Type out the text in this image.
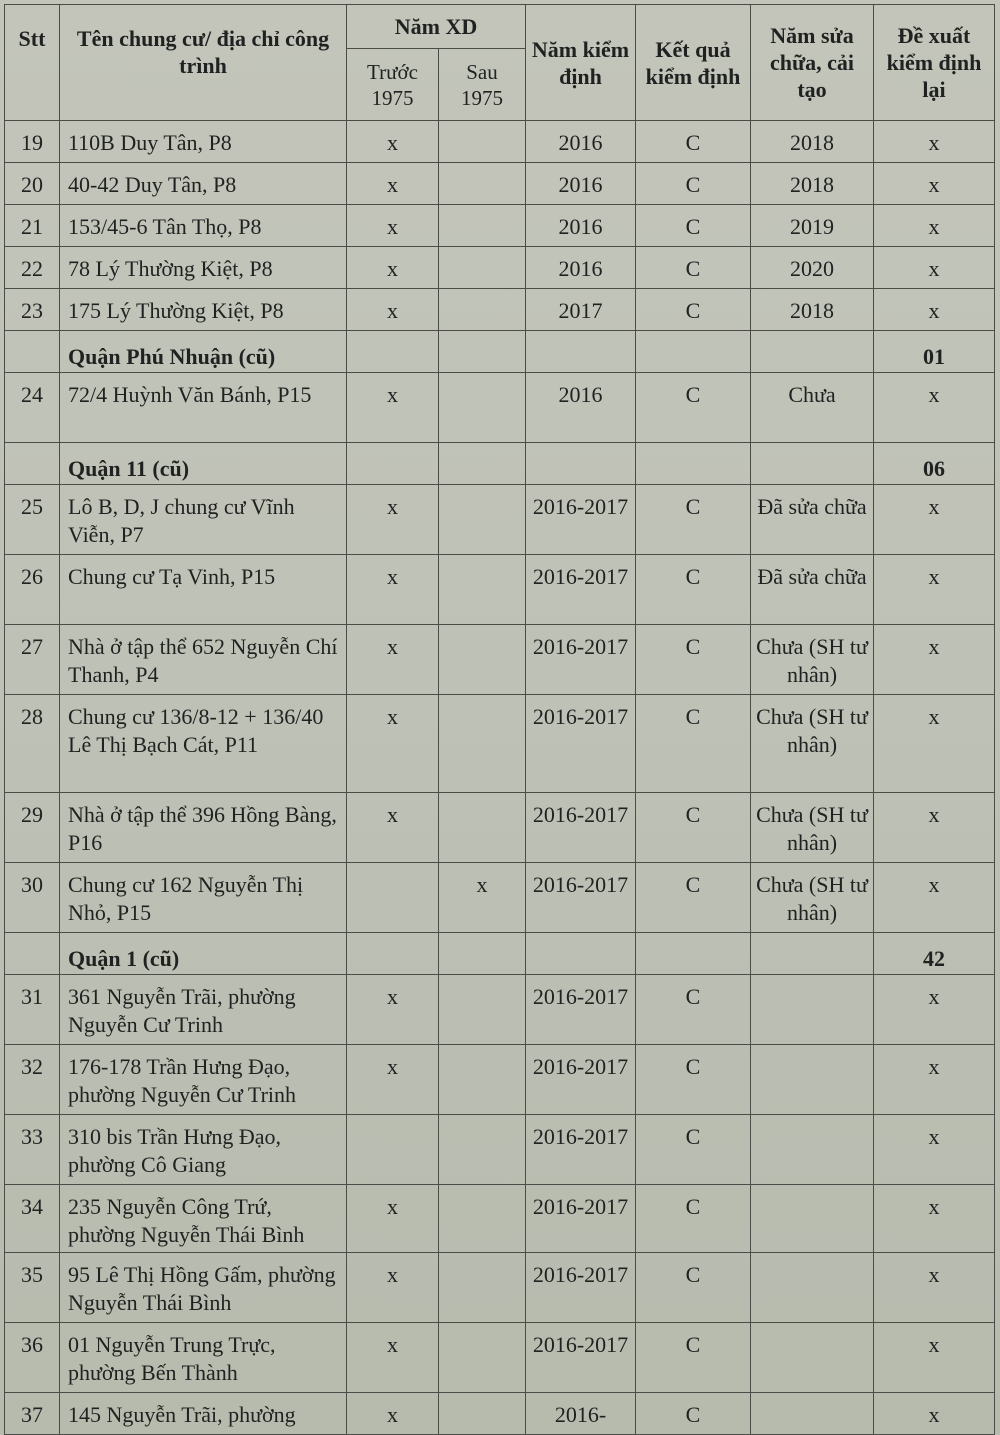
Stt	Tên chung cư/ địa chỉ công trình	Năm XD		Năm kiểm định	Kết quả kiểm định	Năm sửa chữa, cải tạo	Đề xuất kiểm định lại
		Trước 1975	Sau 1975				
19	110B Duy Tân, P8	x		2016	C	2018	x
20	40-42 Duy Tân, P8	x		2016	C	2018	x
21	153/45-6 Tân Thọ, P8	x		2016	C	2019	x
22	78 Lý Thường Kiệt, P8	x		2016	C	2020	x
23	175 Lý Thường Kiệt, P8	x		2017	C	2018	x
	Quận Phú Nhuận (cũ)						01
24	72/4 Huỳnh Văn Bánh, P15	x		2016	C	Chưa	x
	Quận 11 (cũ)						06
25	Lô B, D, J chung cư Vĩnh Viễn, P7	x		2016-2017	C	Đã sửa chữa	x
26	Chung cư Tạ Vinh, P15	x		2016-2017	C	Đã sửa chữa	x
27	Nhà ở tập thể 652 Nguyễn Chí Thanh, P4	x		2016-2017	C	Chưa (SH tư nhân)	x
28	Chung cư 136/8-12 + 136/40 Lê Thị Bạch Cát, P11	x		2016-2017	C	Chưa (SH tư nhân)	x
29	Nhà ở tập thể 396 Hồng Bàng, P16	x		2016-2017	C	Chưa (SH tư nhân)	x
30	Chung cư 162 Nguyễn Thị Nhỏ, P15		x	2016-2017	C	Chưa (SH tư nhân)	x
	Quận 1 (cũ)						42
31	361 Nguyễn Trãi, phường Nguyễn Cư Trinh	x		2016-2017	C		x
32	176-178 Trần Hưng Đạo, phường Nguyễn Cư Trinh	x		2016-2017	C		x
33	310 bis Trần Hưng Đạo, phường Cô Giang			2016-2017	C		x
34	235 Nguyễn Công Trứ, phường Nguyễn Thái Bình	x		2016-2017	C		x
35	95 Lê Thị Hồng Gấm, phường Nguyễn Thái Bình	x		2016-2017	C		x
36	01 Nguyễn Trung Trực, phường Bến Thành	x		2016-2017	C		x
37	145 Nguyễn Trãi, phường	x		2016-	C		x
